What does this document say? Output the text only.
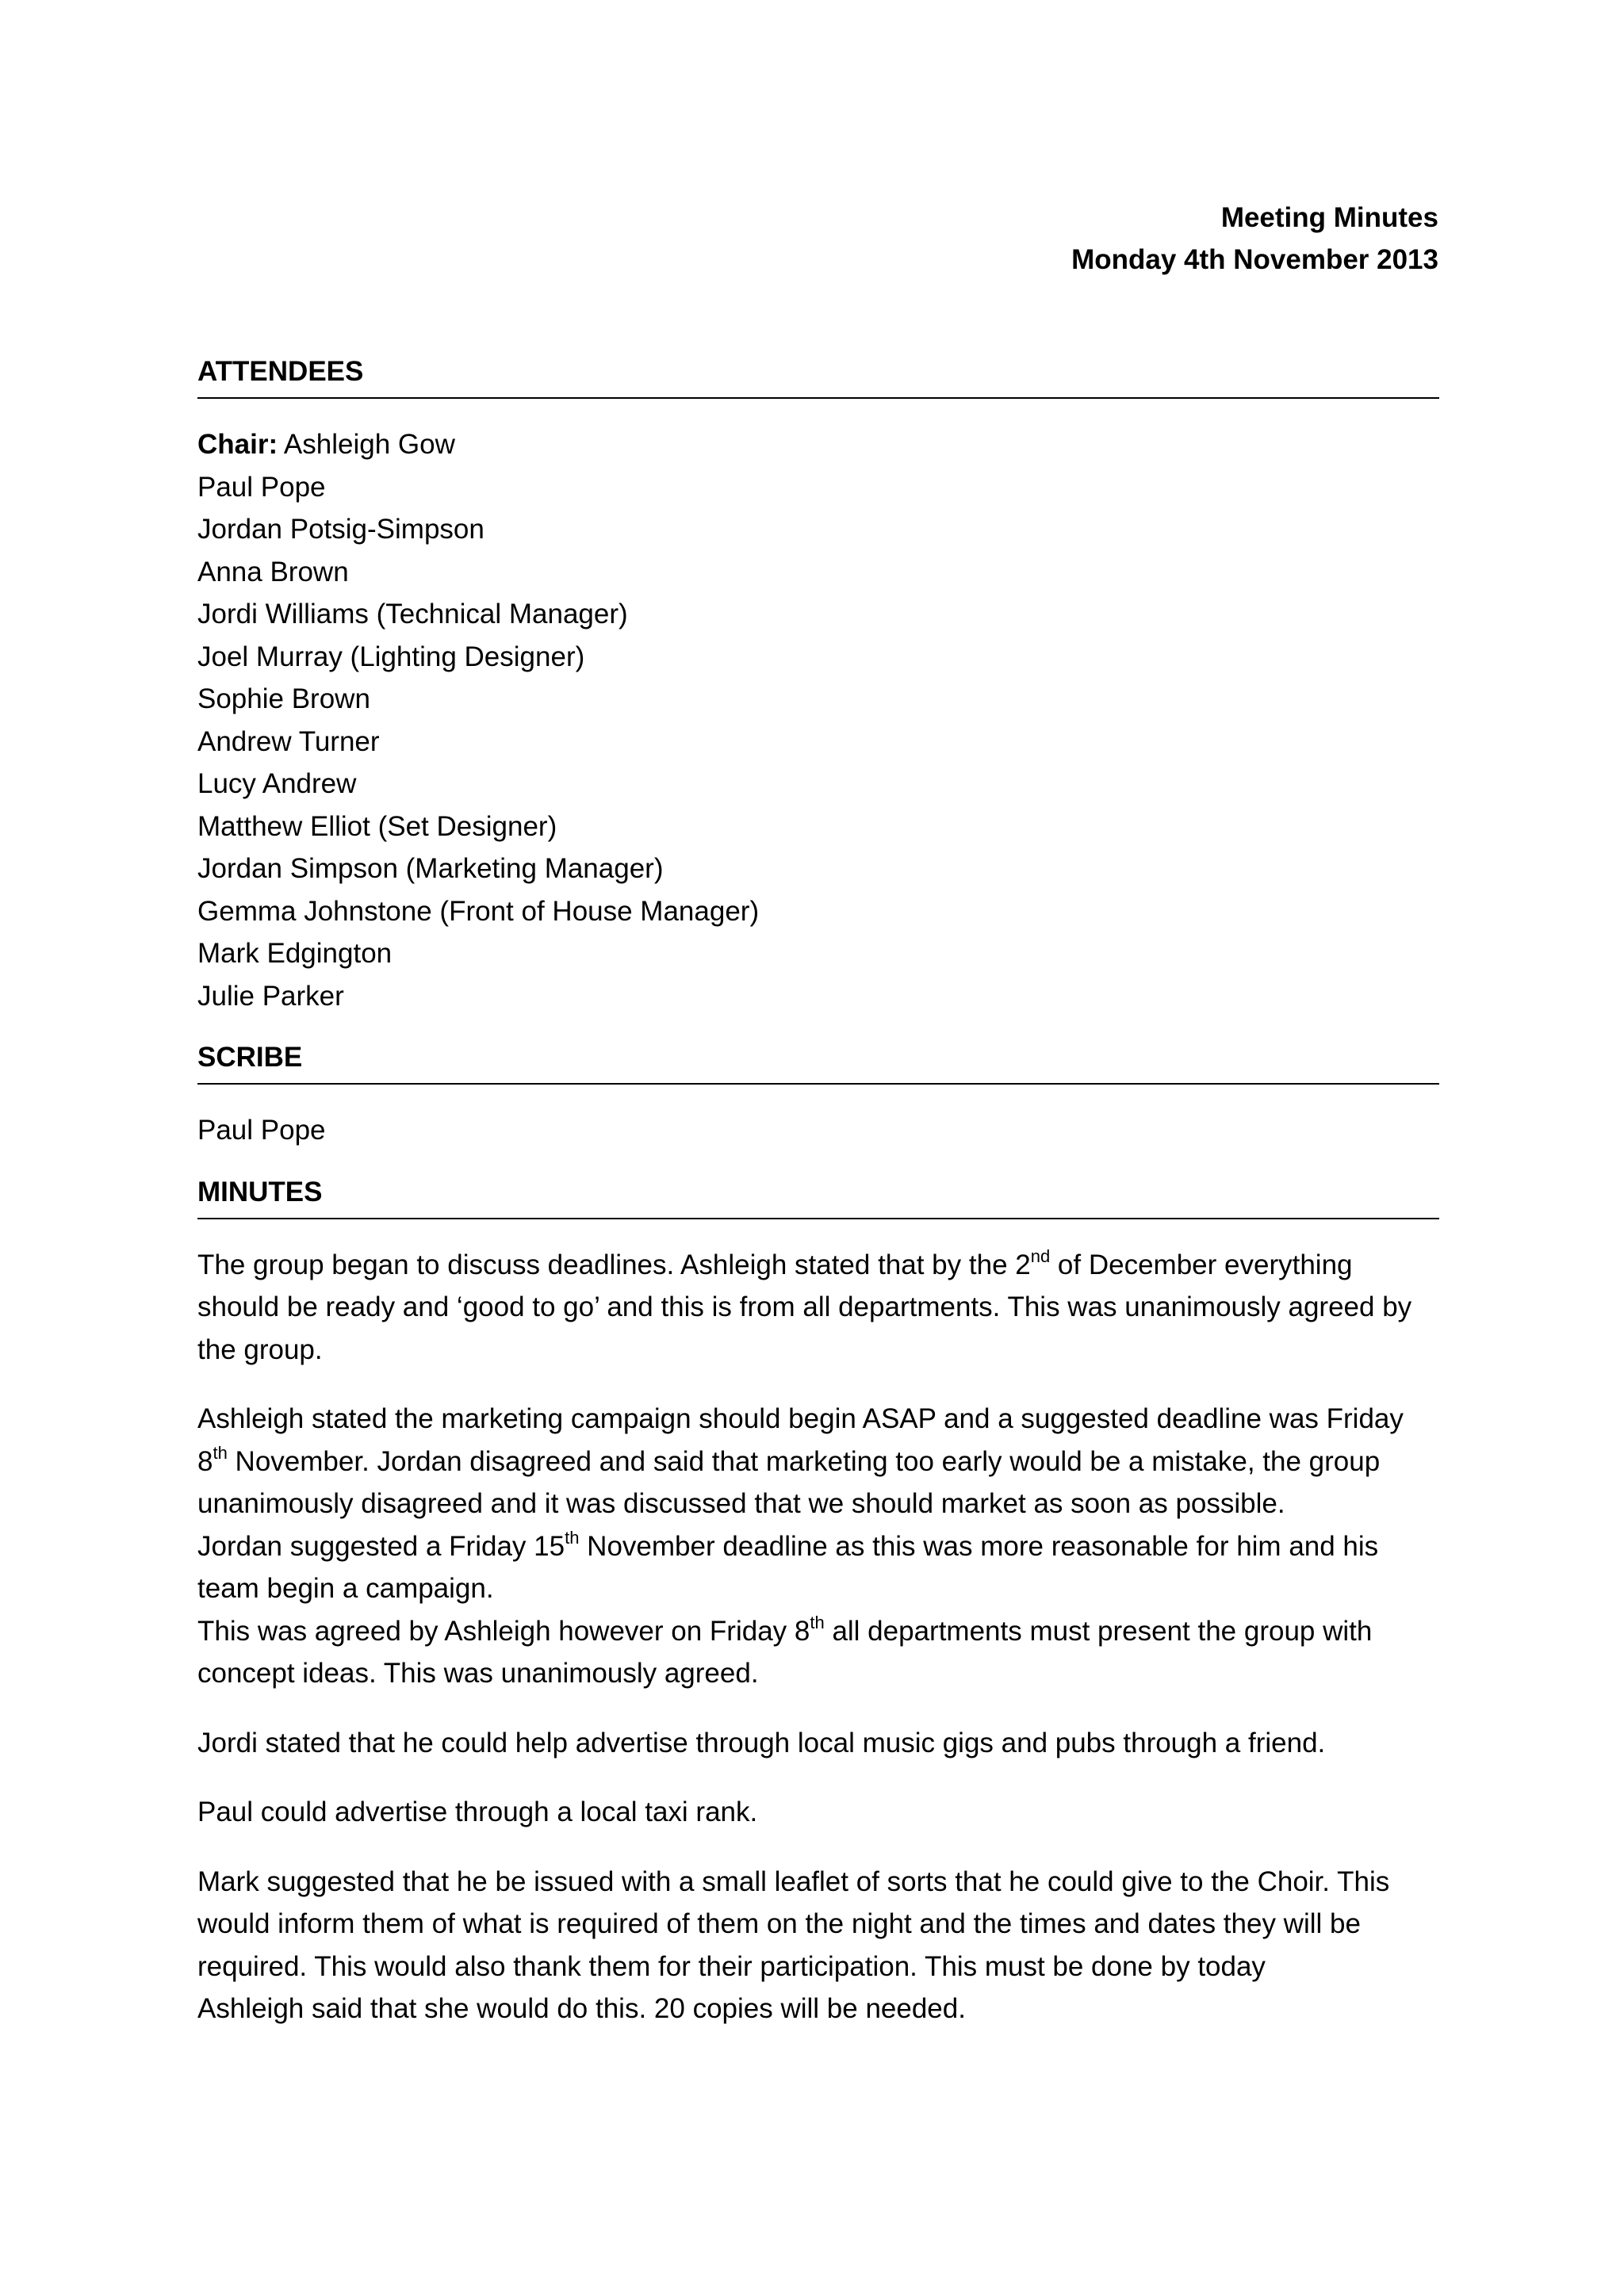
Meeting Minutes
Monday 4th November 2013
ATTENDEES
Chair: Ashleigh Gow
Paul Pope
Jordan Potsig-Simpson
Anna Brown
Jordi Williams (Technical Manager)
Joel Murray (Lighting Designer)
Sophie Brown
Andrew Turner
Lucy Andrew
Matthew Elliot (Set Designer)
Jordan Simpson (Marketing Manager)
Gemma Johnstone (Front of House Manager)
Mark Edgington
Julie Parker
SCRIBE
Paul Pope
MINUTES

The group began to discuss deadlines. Ashleigh stated that by the 2nd of December everything should be ready and ‘good to go’ and this is from all departments. This was unanimously agreed by the group.

Ashleigh stated the marketing campaign should begin ASAP and a suggested deadline was Friday 8th November. Jordan disagreed and said that marketing too early would be a mistake, the group unanimously disagreed and it was discussed that we should market as soon as possible.

Jordan suggested a Friday 15th November deadline as this was more reasonable for him and his team begin a campaign.

This was agreed by Ashleigh however on Friday 8th all departments must present the group with concept ideas. This was unanimously agreed.

Jordi stated that he could help advertise through local music gigs and pubs through a friend.

Paul could advertise through a local taxi rank.

Mark suggested that he be issued with a small leaflet of sorts that he could give to the Choir. This would inform them of what is required of them on the night and the times and dates they will be required. This would also thank them for their participation. This must be done by today

Ashleigh said that she would do this. 20 copies will be needed.
